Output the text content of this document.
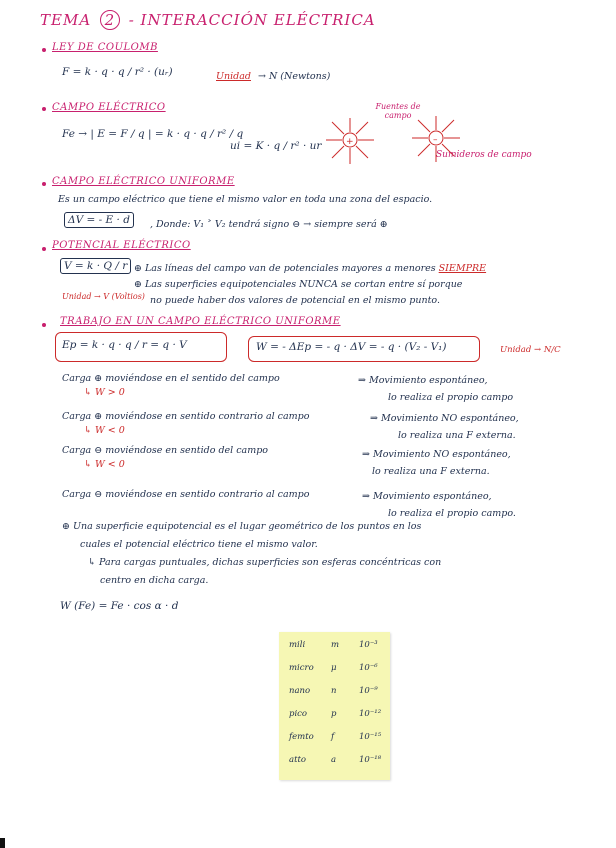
TEMA 2 - INTERACCIÓN ELÉCTRICA
LEY DE COULOMB
F = k · q · q / r² · (uᵣ)	Unidad → N (Newtons)
CAMPO ELÉCTRICO
Fe → | E = F / q | = k · q · q / r² / q
ui = K · q / r² · ur
Fuentes de campo
+	–
Sumideros de campo
CAMPO ELÉCTRICO UNIFORME
Es un campo eléctrico que tiene el mismo valor en toda una zona del espacio.
ΔV = - E · d	, Donde: V₁ ˃ V₂ tendrá signo ⊖ → siempre será ⊕
POTENCIAL ELÉCTRICO
V = k · Q / r ⊕ Las líneas del campo van de potenciales mayores a menores SIEMPRE
⊕ Las superficies equipotenciales NUNCA se cortan entre sí porque
no puede haber dos valores de potencial en el mismo punto.
Unidad → V (Voltios)
TRABAJO EN UN CAMPO ELÉCTRICO UNIFORME
Ep = k · q · q / r = q · V	W = - ΔEp = - q · ΔV = - q · (V₂ - V₁)	Unidad → N/C
Carga ⊕ moviéndose en el sentido del campo	⇒ Movimiento espontáneo,
lo realiza el propio campo
↳ W > 0
Carga ⊕ moviéndose en sentido contrario al campo	⇒ Movimiento NO espontáneo,
lo realiza una F externa.
↳ W < 0
Carga ⊖ moviéndose en sentido del campo	⇒ Movimiento NO espontáneo,
lo realiza una F externa.
↳ W < 0
Carga ⊖ moviéndose en sentido contrario al campo	⇒ Movimiento espontáneo,
lo realiza el propio campo.
⊕ Una superficie equipotencial es el lugar geométrico de los puntos en los
cuales el potencial eléctrico tiene el mismo valor.
↳ Para cargas puntuales, dichas superficies son esferas concéntricas con
centro en dicha carga.
W (Fe) = Fe · cos α · d
mili	m 10⁻³
micro μ	10⁻⁶
nano n	10⁻⁹
pico	p	10⁻¹²
femto f	10⁻¹⁵
atto	a	10⁻¹⁸
